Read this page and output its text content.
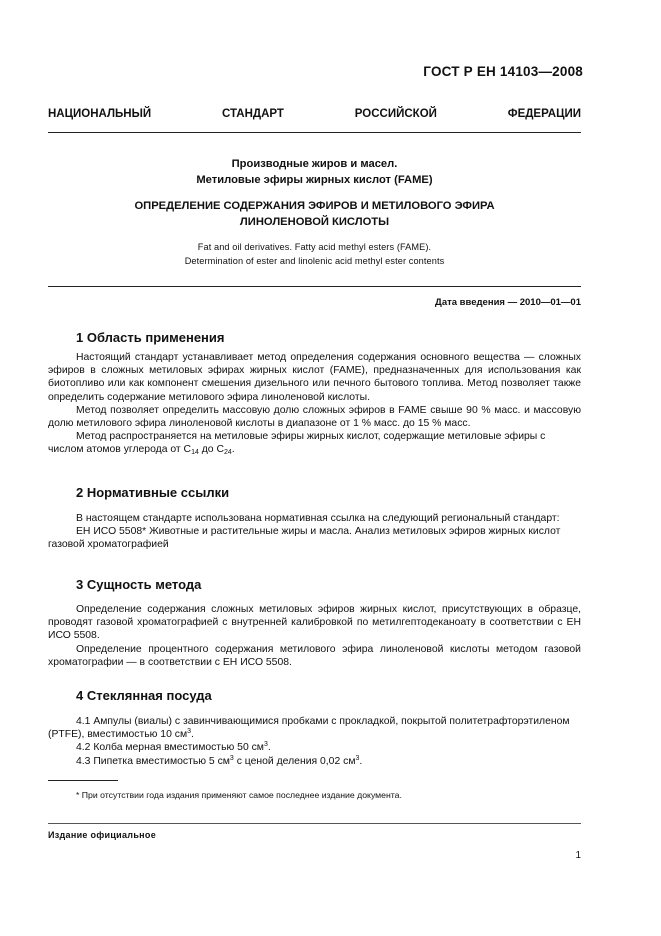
ГОСТ Р ЕН 14103—2008
НАЦИОНАЛЬНЫЙ СТАНДАРТ РОССИЙСКОЙ ФЕДЕРАЦИИ
Производные жиров и масел.
Метиловые эфиры жирных кислот (FAME)
ОПРЕДЕЛЕНИЕ СОДЕРЖАНИЯ ЭФИРОВ И МЕТИЛОВОГО ЭФИРА
ЛИНОЛЕНОВОЙ КИСЛОТЫ
Fat and oil derivatives. Fatty acid methyl esters (FAME).
Determination of ester and linolenic acid methyl ester contents
Дата введения — 2010—01—01
1 Область применения

Настоящий стандарт устанавливает метод определения содержания основного вещества — сложных эфиров в сложных метиловых эфирах жирных кислот (FAME), предназначенных для использования как биотопливо или как компонент смешения дизельного или печного бытового топлива. Метод позволяет также определить содержание метилового эфира линоленовой кислоты.

Метод позволяет определить массовую долю сложных эфиров в FAME свыше 90 % масс. и массовую долю метилового эфира линоленовой кислоты в диапазоне от 1 % масс. до 15 % масс.

Метод распространяется на метиловые эфиры жирных кислот, содержащие метиловые эфиры с числом атомов углерода от $С_{14}$ до $С_{24}$.

2 Нормативные ссылки

В настоящем стандарте использована нормативная ссылка на следующий региональный стандарт:

ЕН ИСО 5508* Животные и растительные жиры и масла. Анализ метиловых эфиров жирных кислот газовой хроматографией

3 Сущность метода

Определение содержания сложных метиловых эфиров жирных кислот, присутствующих в образце, проводят газовой хроматографией с внутренней калибровкой по метилгептодеканоату в соответствии с ЕН ИСО 5508.

Определение процентного содержания метилового эфира линоленовой кислоты методом газовой хроматографии — в соответствии с ЕН ИСО 5508.

4 Стеклянная посуда

4.1 Ампулы (виалы) с завинчивающимися пробками с прокладкой, покрытой политетрафторэтиленом (PTFE), вместимостью 10 $см^3$.

4.2 Колба мерная вместимостью 50 $см^3$.

4.3 Пипетка вместимостью 5 $см^3$ с ценой деления 0,02 $см^3$.

* При отсутствии года издания применяют самое последнее издание документа.
Издание официальное
1
